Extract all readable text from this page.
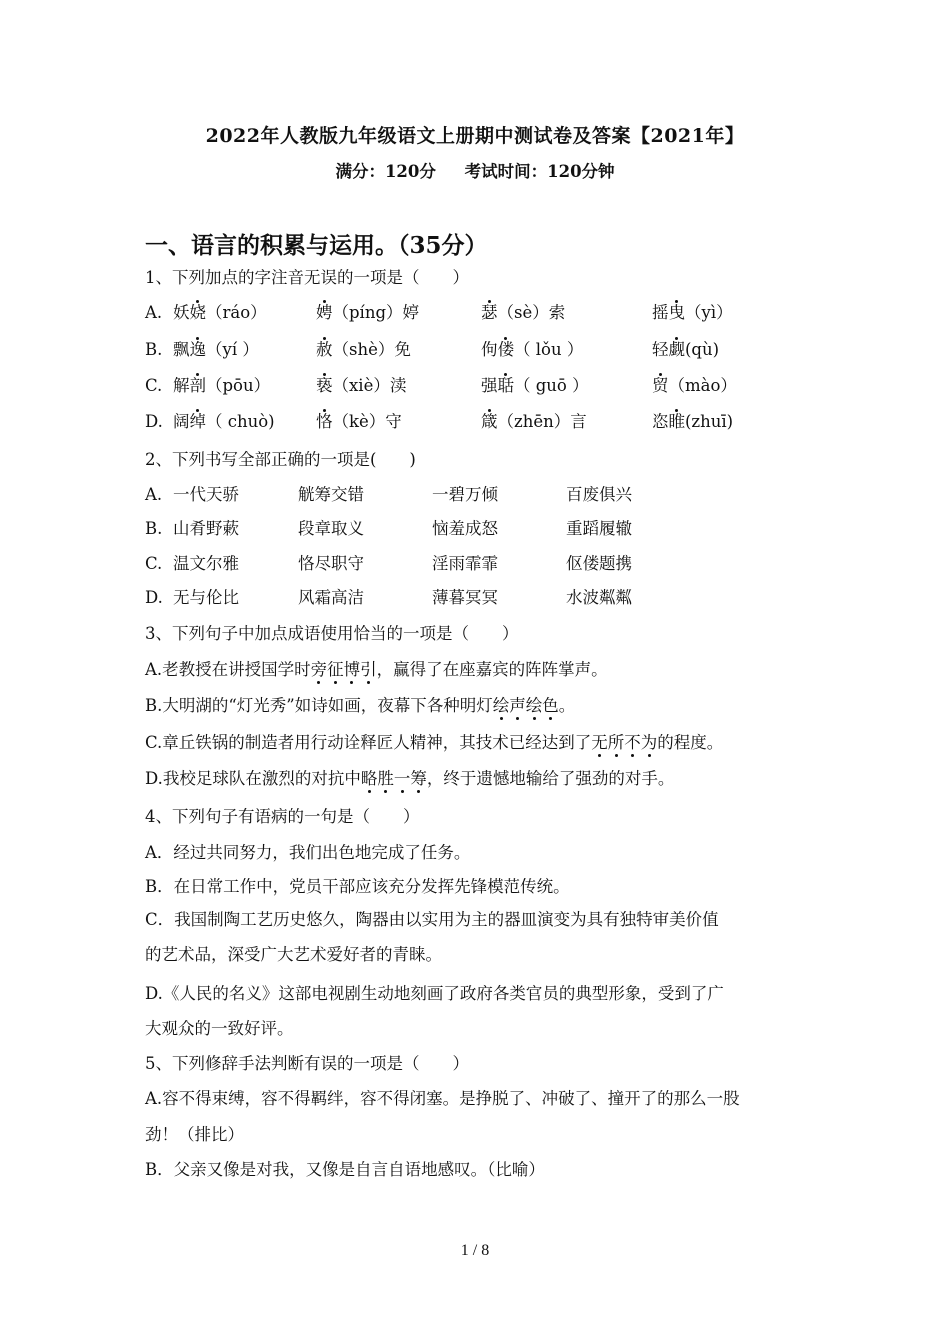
2022年人教版九年级语文上册期中测试卷及答案【2021年】
满分：120分     考试时间：120分钟
一、语言的积累与运用。（35分）
1、下列加点的字注音无误的一项是（　　）
A. 妖娆（ráo）	娉（píng）婷	瑟（sè）索	摇曳（yì）
B. 飘逸（yí ）	赦（shè）免	佝偻（ lǒu ）	轻觑(qù)
C. 解剖（pōu）	亵（xiè）渎	强聒（ guō ）	贸（mào）
D. 阔绰（ chuò)	恪（kè）守	箴（zhēn）言	恣睢(zhuī)
2、下列书写全部正确的一项是(　　)
A. 一代天骄	觥筹交错	一碧万倾	百废俱兴
B. 山肴野蔌	段章取义	恼羞成怒	重蹈履辙
C. 温文尔雅	恪尽职守	淫雨霏霏	伛偻题携
D. 无与伦比	风霜高洁	薄暮冥冥	水波粼粼
3、下列句子中加点成语使用恰当的一项是（　　）
A.老教授在讲授国学时旁征博引，赢得了在座嘉宾的阵阵掌声。
B.大明湖的“灯光秀”如诗如画，夜幕下各种明灯绘声绘色。
C.章丘铁锅的制造者用行动诠释匠人精神，其技术已经达到了无所不为的程度。
D.我校足球队在激烈的对抗中略胜一筹，终于遗憾地输给了强劲的对手。
4、下列句子有语病的一句是（　　）
A．经过共同努力，我们出色地完成了任务。
B．在日常工作中，党员干部应该充分发挥先锋模范传统。
C．我国制陶工艺历史悠久，陶器由以实用为主的器皿演变为具有独特审美价值
的艺术品，深受广大艺术爱好者的青睐。
D.《人民的名义》这部电视剧生动地刻画了政府各类官员的典型形象，受到了广
大观众的一致好评。
5、下列修辞手法判断有误的一项是（　　）
A.容不得束缚，容不得羁绊，容不得闭塞。是挣脱了、冲破了、撞开了的那么一股
劲！（排比）
B．父亲又像是对我，又像是自言自语地感叹。（比喻）
1 / 8
